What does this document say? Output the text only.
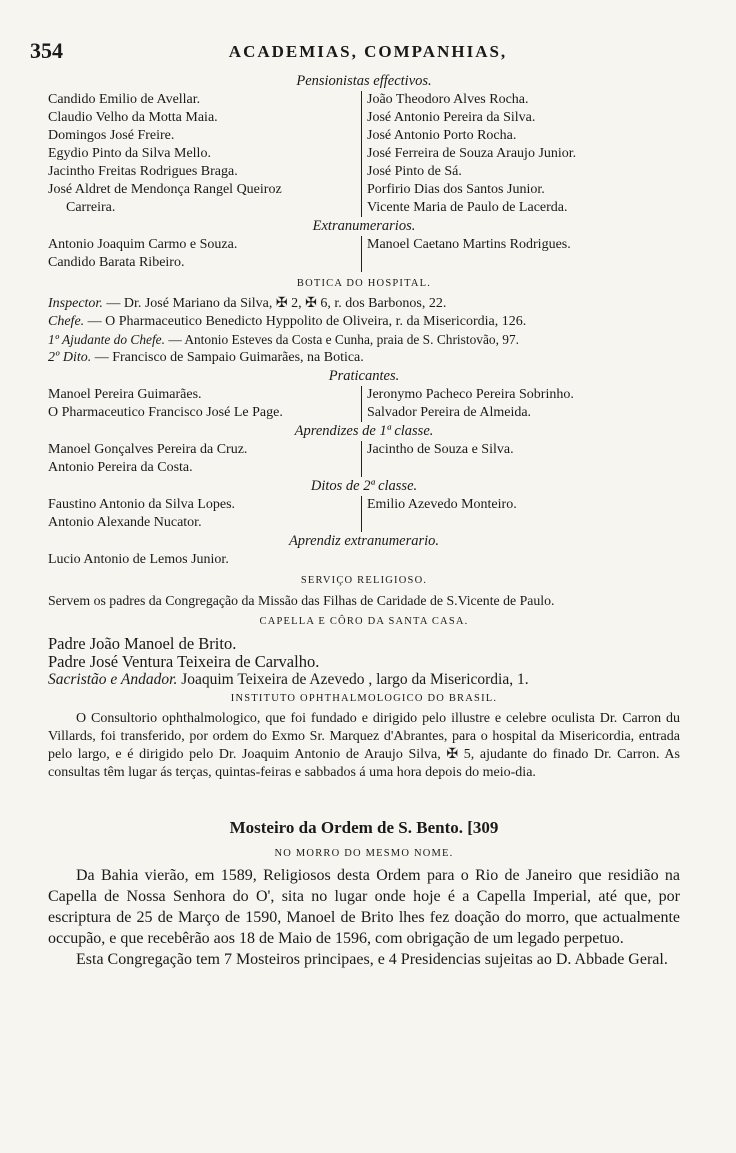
354	ACADEMIAS, COMPANHIAS,
Pensionistas effectivos.
Candido Emilio de Avellar.
Claudio Velho da Motta Maia.
Domingos José Freire.
Egydio Pinto da Silva Mello.
Jacintho Freitas Rodrigues Braga.
José Aldret de Mendonça Rangel Queiroz
Carreira.
João Theodoro Alves Rocha.
José Antonio Pereira da Silva.
José Antonio Porto Rocha.
José Ferreira de Souza Araujo Junior.
José Pinto de Sá.
Porfirio Dias dos Santos Junior.
Vicente Maria de Paulo de Lacerda.
Extranumerarios.
Antonio Joaquim Carmo e Souza.
Candido Barata Ribeiro.
Manoel Caetano Martins Rodrigues.
BOTICA DO HOSPITAL.
Inspector. — Dr. José Mariano da Silva, ✠ 2, ✠ 6, r. dos Barbonos, 22.
Chefe. — O Pharmaceutico Benedicto Hyppolito de Oliveira, r. da Misericordia, 126.
1º Ajudante do Chefe. — Antonio Esteves da Costa e Cunha, praia de S. Christovão, 97.
2º Dito. — Francisco de Sampaio Guimarães, na Botica.
Praticantes.
Manoel Pereira Guimarães.
O Pharmaceutico Francisco José Le Page.
Jeronymo Pacheco Pereira Sobrinho.
Salvador Pereira de Almeida.
Aprendizes de 1ª classe.
Manoel Gonçalves Pereira da Cruz.
Antonio Pereira da Costa.
Jacintho de Souza e Silva.
Ditos de 2ª classe.
Faustino Antonio da Silva Lopes.
Antonio Alexande Nucator.
Emilio Azevedo Monteiro.
Aprendiz extranumerario.
Lucio Antonio de Lemos Junior.
SERVIÇO RELIGIOSO.
Servem os padres da Congregação da Missão das Filhas de Caridade de S.Vicente de Paulo.
CAPELLA E CÔRO DA SANTA CASA.
Padre João Manoel de Brito.
Padre José Ventura Teixeira de Carvalho.
Sacristão e Andador. Joaquim Teixeira de Azevedo , largo da Misericordia, 1.
INSTITUTO OPHTHALMOLOGICO DO BRASIL.
O Consultorio ophthalmologico, que foi fundado e dirigido pelo illustre e celebre oculista Dr. Carron du Villards, foi transferido, por ordem do Exmo Sr. Marquez d'Abrantes, para o hospital da Misericordia, entrada pelo largo, e é dirigido pelo Dr. Joaquim Antonio de Araujo Silva, ✠ 5, ajudante do finado Dr. Carron. As consultas têm lugar ás terças, quintas-feiras e sabbados á uma hora depois do meio-dia.
Mosteiro da Ordem de S. Bento. [309
NO MORRO DO MESMO NOME.
Da Bahia vierão, em 1589, Religiosos desta Ordem para o Rio de Janeiro que residião na Capella de Nossa Senhora do O', sita no lugar onde hoje é a Capella Imperial, até que, por escriptura de 25 de Março de 1590, Manoel de Brito lhes fez doação do morro, que actualmente occupão, e que recebêrão aos 18 de Maio de 1596, com obrigação de um legado perpetuo.
Esta Congregação tem 7 Mosteiros principaes, e 4 Presidencias sujeitas ao D. Abbade Geral.
